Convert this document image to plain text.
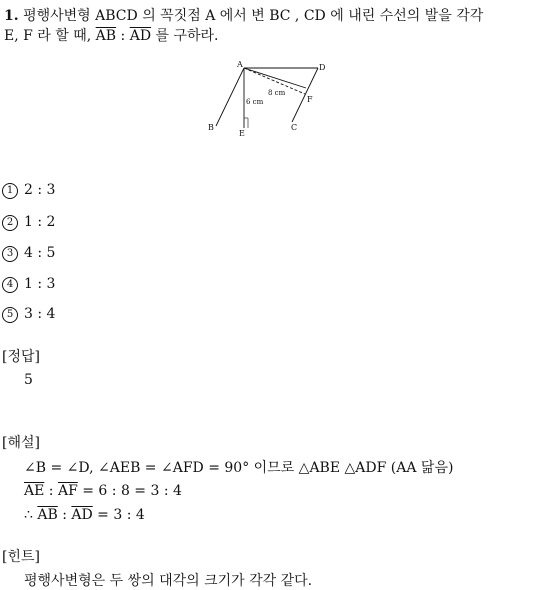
1. 평행사변형 ABCD 의 꼭짓점 A 에서 변 BC , CD 에 내린 수선의 발을 각각
E, F 라 할 때, $\overline{AB}$ : $\overline{AD}$ 를 구하라.
A	D
B
E
C
F
6 cm
8 cm
1 2 : 3
2 1 : 2
3 4 : 5
4 1 : 3
5 3 : 4
[정답]
5
[해설]
∠B = ∠D, ∠AEB = ∠AFD = 90° 이므로 △ABE △ADF (AA 닮음)
$\overline{AE}$ : $\overline{AF} = 6$ : 8 = 3 : 4
∴ $\overline{AB}$ : $\overline{AD} = 3$ : 4
[힌트]
평행사변형은 두 쌍의 대각의 크기가 각각 같다.
